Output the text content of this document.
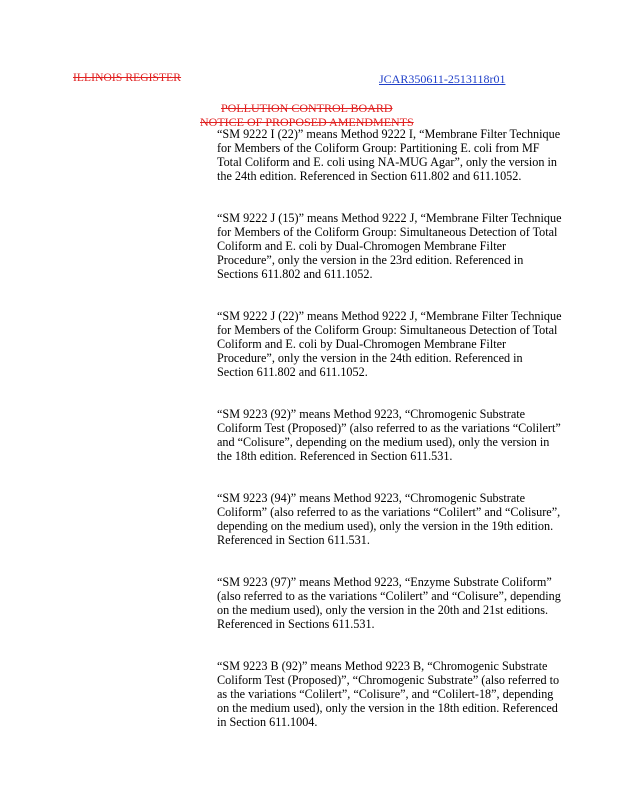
ILLINOIS REGISTER	JCAR350611-2513118r01
POLLUTION CONTROL BOARD
NOTICE OF PROPOSED AMENDMENTS

“SM 9222 I (22)” means Method 9222 I, “Membrane Filter Technique for Members of the Coliform Group: Partitioning E. coli from MF Total Coliform and E. coli using NA-MUG Agar”, only the version in the 24th edition. Referenced in Section 611.802 and 611.1052.

“SM 9222 J (15)” means Method 9222 J, “Membrane Filter Technique for Members of the Coliform Group: Simultaneous Detection of Total Coliform and E. coli by Dual-Chromogen Membrane Filter Procedure”, only the version in the 23rd edition. Referenced in Sections 611.802 and 611.1052.

“SM 9222 J (22)” means Method 9222 J, “Membrane Filter Technique for Members of the Coliform Group: Simultaneous Detection of Total Coliform and E. coli by Dual-Chromogen Membrane Filter Procedure”, only the version in the 24th edition. Referenced in Section 611.802 and 611.1052.

“SM 9223 (92)” means Method 9223, “Chromogenic Substrate Coliform Test (Proposed)” (also referred to as the variations “Colilert” and “Colisure”, depending on the medium used), only the version in the 18th edition. Referenced in Section 611.531.

“SM 9223 (94)” means Method 9223, “Chromogenic Substrate Coliform” (also referred to as the variations “Colilert” and “Colisure”, depending on the medium used), only the version in the 19th edition. Referenced in Section 611.531.

“SM 9223 (97)” means Method 9223, “Enzyme Substrate Coliform” (also referred to as the variations “Colilert” and “Colisure”, depending on the medium used), only the version in the 20th and 21st editions. Referenced in Sections 611.531.

“SM 9223 B (92)” means Method 9223 B, “Chromogenic Substrate Coliform Test (Proposed)”, “Chromogenic Substrate” (also referred to as the variations “Colilert”, “Colisure”, and “Colilert-18”, depending on the medium used), only the version in the 18th edition. Referenced in Section 611.1004.
